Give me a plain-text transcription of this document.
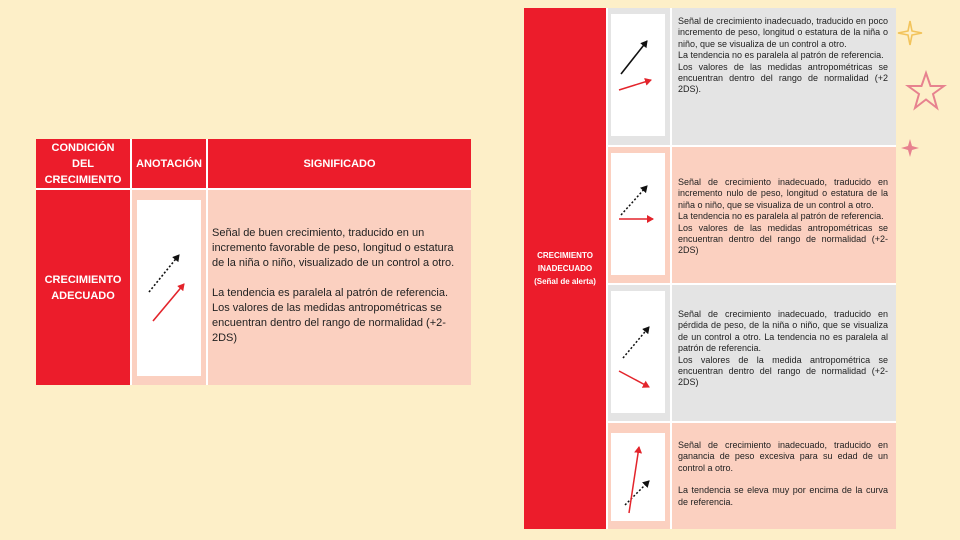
CONDICIÓN DEL CRECIMIENTO
ANOTACIÓN	SIGNIFICADO
CRECIMIENTO ADECUADO
Señal de buen crecimiento, traducido en un incremento favorable de peso, longitud o estatura de la niña o niño, visualizado de un control a otro.
La tendencia es paralela al patrón de referencia. Los valores de las medidas antropométricas se encuentran dentro del rango de normalidad (+2-2DS)
CRECIMIENTO
INADECUADO
(Señal de alerta)
Señal de crecimiento inadecuado, traducido en poco incremento de peso, longitud o estatura de la niña o niño, que se visualiza de un control a otro.
La tendencia no es paralela al patrón de referencia.
Los valores de las medidas antropométricas se encuentran dentro del rango de normalidad (+2 2DS).
Señal de crecimiento inadecuado, traducido en incremento nulo de peso, longitud o estatura de la niña o niño, que se visualiza de un control a otro.
La tendencia no es paralela al patrón de referencia.
Los valores de las medidas antropométricas se encuentran dentro del rango de normalidad (+2-2DS)
Señal de crecimiento inadecuado, traducido en pérdida de peso, de la niña o niño, que se visualiza de un control a otro. La tendencia no es paralela al patrón de referencia.
Los valores de la medida antropométrica se encuentran dentro del rango de normalidad (+2-2DS)
Señal de crecimiento inadecuado, traducido en ganancia de peso excesiva para su edad de un control a otro.
La tendencia se eleva muy por encima de la curva de referencia.
